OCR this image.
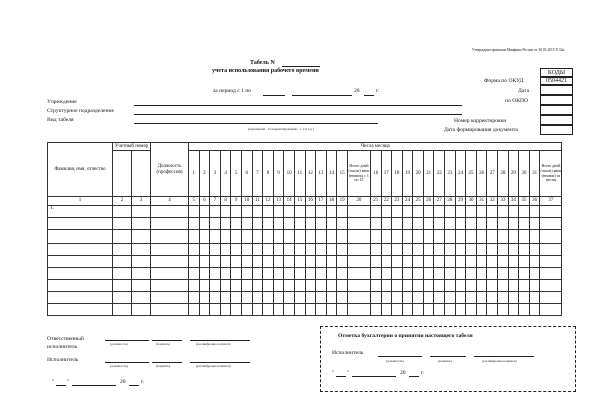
Утверждена приказом Минфина России от 30.03.2015 N 52н
Табель N
учета использования рабочего времени
за период с 1 по	20	г.
КОДЫ
0504421
Форма по ОКУД
Дата
по ОКПО
Учреждение
Структурное подразделение
Вид табеля
(первичный - 0; корректирующий - 1, 2 и т.д.)
Номер корректировки
Дата формирования документа
Фамилия, имя, отчество	Учетный номер		Должность (профессия)	Числа месяца																																
				1	2	3	4	5	6	7	8	9	10	11	12	13	14	15	Итого дней (часов) явок (неявок) с 1 по 15	16	17	18	19	20	21	22	23	24	25	26	27	28	29	30	31	Всего дней (часов) явок (неявок) за месяц
1	2	3	4	5	6	7	8	9	10	11	12	13	14	15	16	17	18	19	20	21	22	23	24	25	26	27	28	29	30	31	32	33	34	35	36	37
1.																																				

Ответственный
исполнитель	(должность)	(подпись)	(расшифровка подписи)
Исполнитель
(должность)	(подпись)	(расшифровка подписи)
" "	20	г.
Отметка бухгалтерии о принятии настоящего табеля
Исполнитель
(должность)	(подпись)	(расшифровка подписи)
" "	20	г.
